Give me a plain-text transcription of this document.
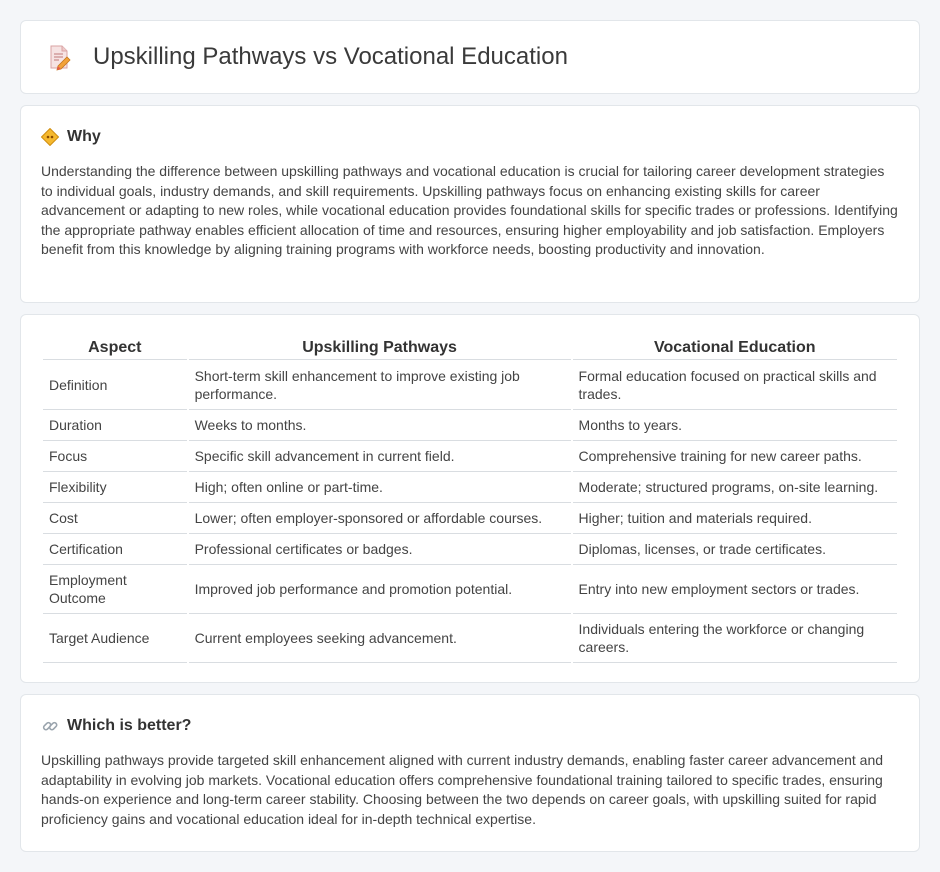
Upskilling Pathways vs Vocational Education
Why

Understanding the difference between upskilling pathways and vocational education is crucial for tailoring career development strategies to individual goals, industry demands, and skill requirements. Upskilling pathways focus on enhancing existing skills for career advancement or adapting to new roles, while vocational education provides foundational skills for specific trades or professions. Identifying the appropriate pathway enables efficient allocation of time and resources, ensuring higher employability and job satisfaction. Employers benefit from this knowledge by aligning training programs with workforce needs, boosting productivity and innovation.

Aspect	Upskilling Pathways	Vocational Education
Definition	Short-term skill enhancement to improve existing job performance.	Formal education focused on practical skills and trades.
Duration	Weeks to months.	Months to years.
Focus	Specific skill advancement in current field.	Comprehensive training for new career paths.
Flexibility	High; often online or part-time.	Moderate; structured programs, on-site learning.
Cost	Lower; often employer-sponsored or affordable courses.	Higher; tuition and materials required.
Certification	Professional certificates or badges.	Diplomas, licenses, or trade certificates.
Employment Outcome	Improved job performance and promotion potential.	Entry into new employment sectors or trades.
Target Audience	Current employees seeking advancement.	Individuals entering the workforce or changing careers.
Which is better?

Upskilling pathways provide targeted skill enhancement aligned with current industry demands, enabling faster career advancement and adaptability in evolving job markets. Vocational education offers comprehensive foundational training tailored to specific trades, ensuring hands-on experience and long-term career stability. Choosing between the two depends on career goals, with upskilling suited for rapid proficiency gains and vocational education ideal for in-depth technical expertise.
